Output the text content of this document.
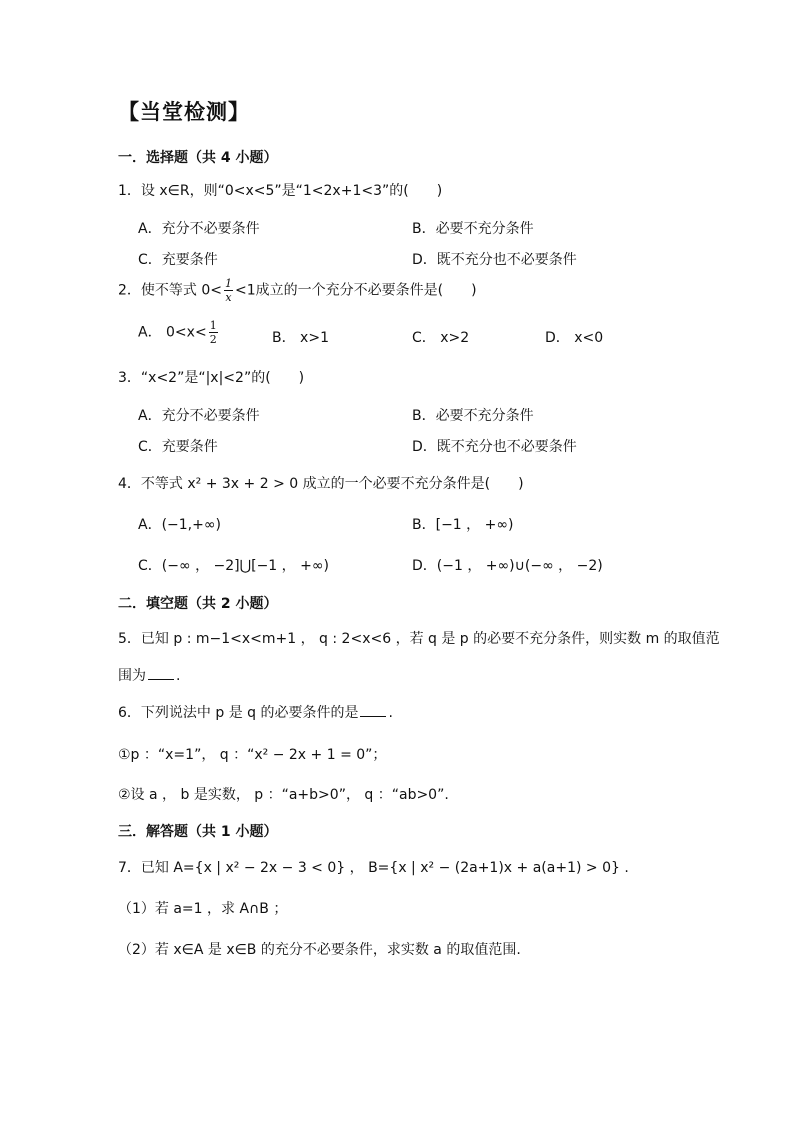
【当堂检测】
一．选择题（共 4 小题）
1．设 x∈R，则“0<x<5”是“1<2x+1<3”的(　　)
A．充分不必要条件	B．必要不充分条件
C．充要条件	D．既不充分也不必要条件
2．使不等式 $0< \frac{1}{x} <1$成立的一个充分不必要条件是(　　)
A． $0<x< \frac{1}{2}$	B． x>1	C． x>2	D． x<0
3．“x<2”是“|x|<2”的(　　)
A．充分不必要条件	B．必要不充分条件
C．充要条件	D．既不充分也不必要条件
4．不等式 x² + 3x + 2 > 0 成立的一个必要不充分条件是(　　)
A．(−1,+∞)	B．[−1 ， +∞)
C．(−∞ ， −2]⋃[−1 ， +∞)	D．(−1 ， +∞)∪(−∞ ， −2)
二．填空题（共 2 小题）
5．已知 p : m−1<x<m+1 ， q : 2<x<6 ，若 q 是 p 的必要不充分条件，则实数 m 的取值范
围为 .
6．下列说法中 p 是 q 的必要条件的是 .
①p ：“x=1”， q ：“x² − 2x + 1 = 0”；
②设 a ， b 是实数， p ：“a+b>0”， q ：“ab>0”.
三．解答题（共 1 小题）
7．已知 A={x | x² − 2x − 3 < 0} ， B={x | x² − (2a+1)x + a(a+1) > 0} .
（1）若 a=1 ，求 A∩B ；
（2）若 x∈A 是 x∈B 的充分不必要条件，求实数 a 的取值范围.
